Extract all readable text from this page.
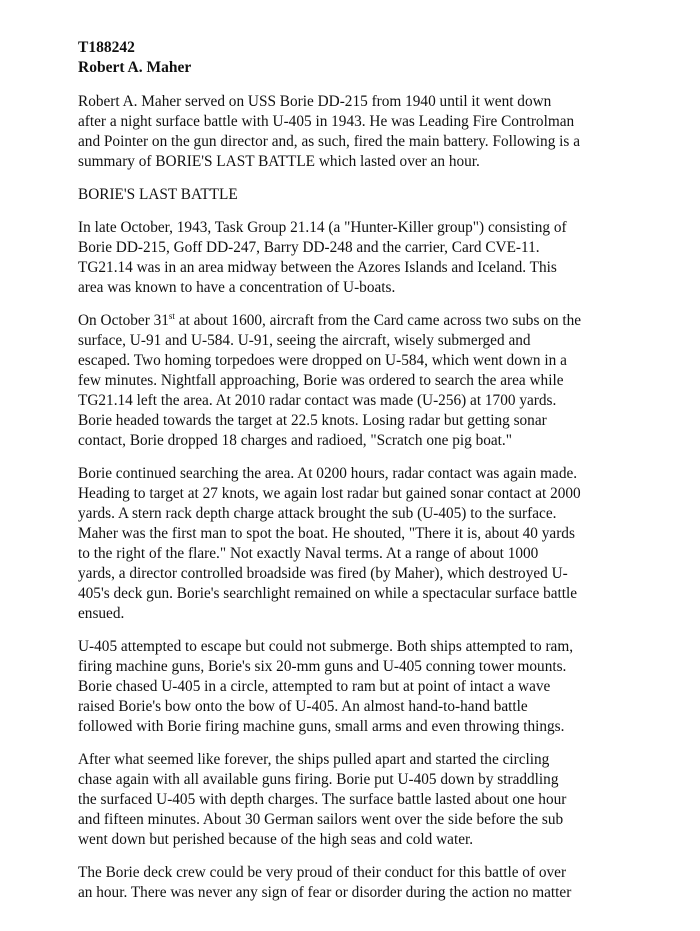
T188242

Robert A. Maher

Robert A. Maher served on USS Borie DD-215 from 1940 until it went down
after a night surface battle with U-405 in 1943. He was Leading Fire Controlman
and Pointer on the gun director and, as such, fired the main battery. Following is a
summary of BORIE'S LAST BATTLE which lasted over an hour.

BORIE'S LAST BATTLE

In late October, 1943, Task Group 21.14 (a "Hunter-Killer group") consisting of
Borie DD-215, Goff DD-247, Barry DD-248 and the carrier, Card CVE-11.
TG21.14 was in an area midway between the Azores Islands and Iceland. This
area was known to have a concentration of U-boats.

On October 31st at about 1600, aircraft from the Card came across two subs on the
surface, U-91 and U-584. U-91, seeing the aircraft, wisely submerged and
escaped. Two homing torpedoes were dropped on U-584, which went down in a
few minutes. Nightfall approaching, Borie was ordered to search the area while
TG21.14 left the area. At 2010 radar contact was made (U-256) at 1700 yards.
Borie headed towards the target at 22.5 knots. Losing radar but getting sonar
contact, Borie dropped 18 charges and radioed, "Scratch one pig boat."

Borie continued searching the area. At 0200 hours, radar contact was again made.
Heading to target at 27 knots, we again lost radar but gained sonar contact at 2000
yards. A stern rack depth charge attack brought the sub (U-405) to the surface.
Maher was the first man to spot the boat. He shouted, "There it is, about 40 yards
to the right of the flare." Not exactly Naval terms. At a range of about 1000
yards, a director controlled broadside was fired (by Maher), which destroyed U-
405's deck gun. Borie's searchlight remained on while a spectacular surface battle
ensued.

U-405 attempted to escape but could not submerge. Both ships attempted to ram,
firing machine guns, Borie's six 20-mm guns and U-405 conning tower mounts.
Borie chased U-405 in a circle, attempted to ram but at point of intact a wave
raised Borie's bow onto the bow of U-405. An almost hand-to-hand battle
followed with Borie firing machine guns, small arms and even throwing things.

After what seemed like forever, the ships pulled apart and started the circling
chase again with all available guns firing. Borie put U-405 down by straddling
the surfaced U-405 with depth charges. The surface battle lasted about one hour
and fifteen minutes. About 30 German sailors went over the side before the sub
went down but perished because of the high seas and cold water.

The Borie deck crew could be very proud of their conduct for this battle of over
an hour. There was never any sign of fear or disorder during the action no matter
